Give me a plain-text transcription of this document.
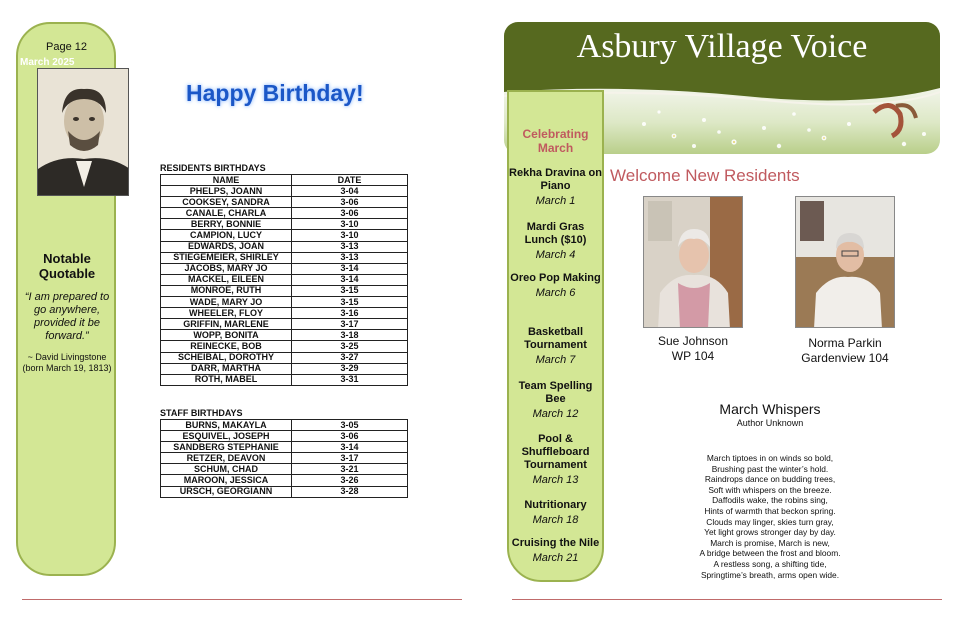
Page 12
Notable Quotable
“I am prepared to go anywhere, provided it be forward.”
~ David Livingstone (born March 19, 1813)
Happy Birthday!
RESIDENTS BIRTHDAYS
NAME	DATE
PHELPS, JOANN	3-04
COOKSEY, SANDRA	3-06
CANALE, CHARLA	3-06
BERRY, BONNIE	3-10
CAMPION, LUCY	3-10
EDWARDS, JOAN	3-13
STIEGEMEIER, SHIRLEY	3-13
JACOBS, MARY JO	3-14
MACKEL, EILEEN	3-14
MONROE, RUTH	3-15
WADE, MARY JO	3-15
WHEELER, FLOY	3-16
GRIFFIN, MARLENE	3-17
WOPP, BONITA	3-18
REINECKE, BOB	3-25
SCHEIBAL, DOROTHY	3-27
DARR, MARTHA	3-29
ROTH, MABEL	3-31
STAFF BIRTHDAYS
BURNS, MAKAYLA	3-05
ESQUIVEL, JOSEPH	3-06
SANDBERG STEPHANIE	3-14
RETZER, DEAVON	3-17
SCHUM, CHAD	3-21
MAROON, JESSICA	3-26
URSCH, GEORGIANN	3-28
Asbury Village Voice
March 2025
Celebrating March
Rekha Dravina on Piano
March 1
Mardi Gras Lunch ($10)
March 4
Oreo Pop Making
March 6
Basketball Tournament
March 7
Team Spelling Bee
March 12
Pool & Shuffleboard Tournament
March 13
Nutritionary
March 18
Cruising the Nile
March 21
Welcome New Residents
Sue Johnson
WP 104
Norma Parkin
Gardenview 104
March Whispers
Author Unknown
March tiptoes in on winds so bold,
Brushing past the winter’s hold.
Raindrops dance on budding trees,
Soft with whispers on the breeze.
Daffodils wake, the robins sing,
Hints of warmth that beckon spring.
Clouds may linger, skies turn gray,
Yet light grows stronger day by day.
March is promise, March is new,
A bridge between the frost and bloom.
A restless song, a shifting tide,
Springtime’s breath, arms open wide.
